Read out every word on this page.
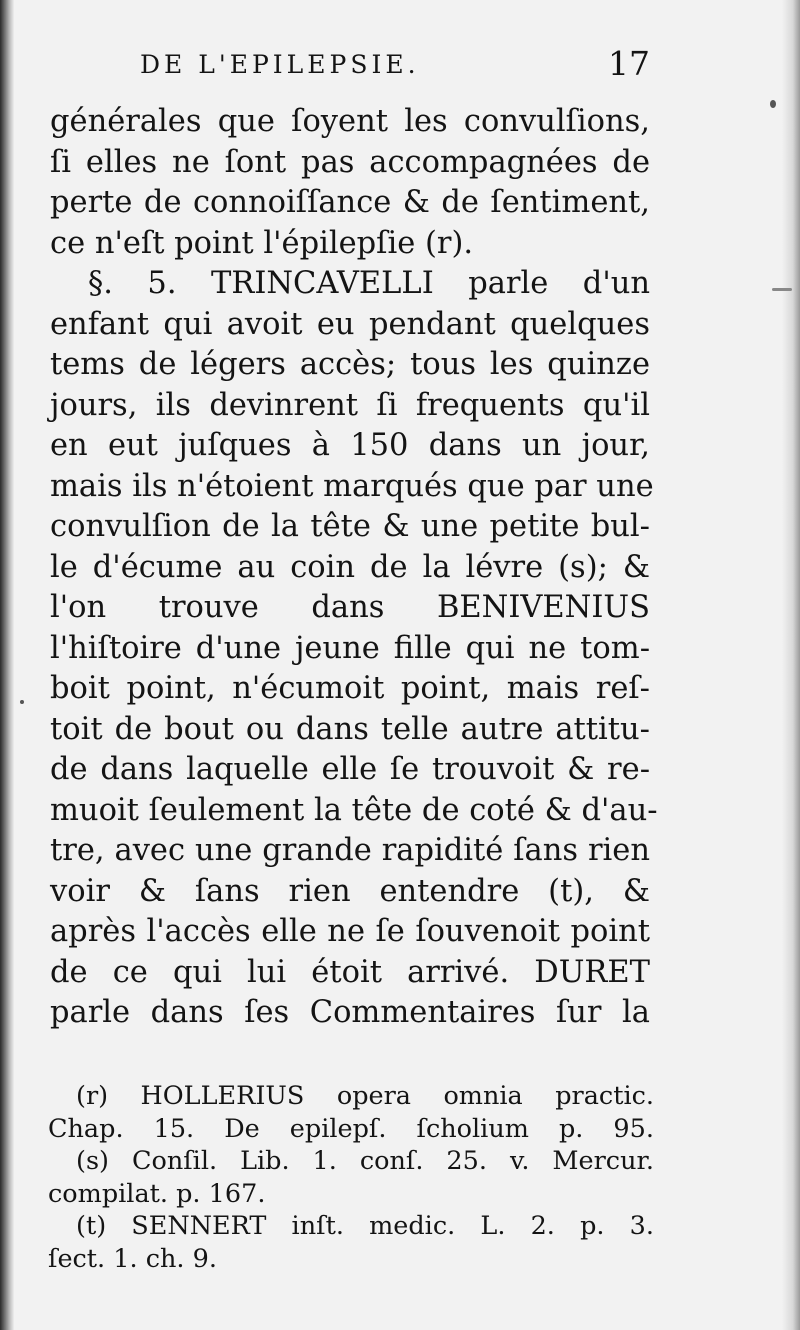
DE L'EPILEPSIE.	17
générales que ſoyent les convulſions,
ſi elles ne ſont pas accompagnées de
perte de connoiſſance & de ſentiment,
ce n'eſt point l'épilepſie (r).
§. 5. TRINCAVELLI parle d'un
enfant qui avoit eu pendant quelques
tems de légers accès; tous les quinze
jours, ils devinrent ſi frequents qu'il
en eut juſques à 150 dans un jour,
mais ils n'étoient marqués que par une
convulſion de la tête & une petite bul-
le d'écume au coin de la lévre (s); &
l'on trouve dans BENIVENIUS
l'hiſtoire d'une jeune fille qui ne tom-
boit point, n'écumoit point, mais reſ-
toit de bout ou dans telle autre attitu-
de dans laquelle elle ſe trouvoit & re-
muoit ſeulement la tête de coté & d'au-
tre, avec une grande rapidité ſans rien
voir & ſans rien entendre (t), &
après l'accès elle ne ſe ſouvenoit point
de ce qui lui étoit arrivé. DURET
parle dans ſes Commentaires ſur la
(r) HOLLERIUS opera omnia practic.
Chap. 15. De epilepſ. ſcholium p. 95.
(s) Conſil. Lib. 1. conſ. 25. v. Mercur.
compilat. p. 167.
(t) SENNERT inſt. medic. L. 2. p. 3.
ſect. 1. ch. 9.
